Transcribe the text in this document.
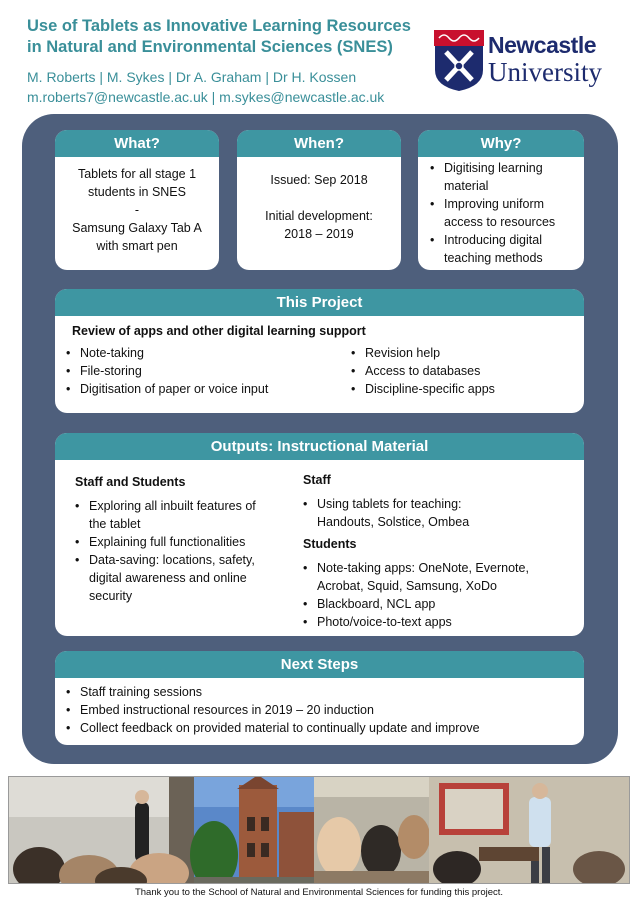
Use of Tablets as Innovative Learning Resources
in Natural and Environmental Sciences (SNES)
M. Roberts | M. Sykes | Dr A. Graham | Dr H. Kossen
m.roberts7@newcastle.ac.uk | m.sykes@newcastle.ac.uk
Newcastle
University
What?
Tablets for all stage 1
students in SNES
-
Samsung Galaxy Tab A
with smart pen
When?
Issued: Sep 2018
Initial development:
2018 – 2019
Why?
• Digitising learning
material
• Improving uniform
access to resources
• Introducing digital
teaching methods
This Project
Review of apps and other digital learning support
• Note-taking
• File-storing
• Digitisation of paper or voice input
• Revision help
• Access to databases
• Discipline-specific apps
Outputs: Instructional Material
Staff and Students
• Exploring all inbuilt features of
the tablet
• Explaining full functionalities
• Data-saving: locations, safety,
digital awareness and online
security
Staff
• Using tablets for teaching:
Handouts, Solstice, Ombea
Students
• Note-taking apps: OneNote, Evernote,
Acrobat, Squid, Samsung, XoDo
• Blackboard, NCL app
• Photo/voice-to-text apps
Next Steps
• Staff training sessions
• Embed instructional resources in 2019 – 20 induction
• Collect feedback on provided material to continually update and improve
Thank you to the School of Natural and Environmental Sciences for funding this project.
